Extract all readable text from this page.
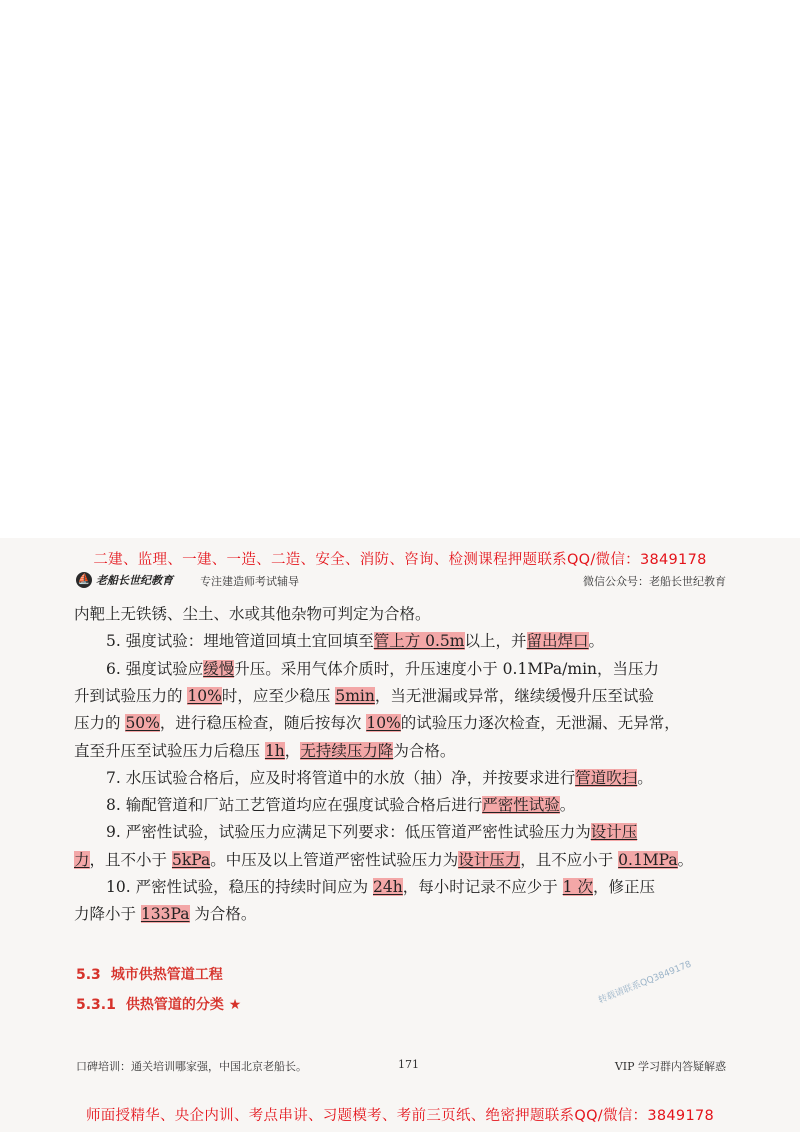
二建、监理、一建、一造、二造、安全、消防、咨询、检测课程押题联系QQ/微信：3849178
⛵ 老船长世纪教育 专注建造师考试辅导	微信公众号：老船长世纪教育
内靶上无铁锈、尘土、水或其他杂物可判定为合格。
5. 强度试验：埋地管道回填土宜回填至管上方 0.5m以上，并留出焊口。
6. 强度试验应缓慢升压。采用气体介质时，升压速度小于 0.1MPa/min，当压力
升到试验压力的 10%时，应至少稳压 5min，当无泄漏或异常，继续缓慢升压至试验
压力的 50%，进行稳压检查，随后按每次 10%的试验压力逐次检查，无泄漏、无异常，
直至升压至试验压力后稳压 1h，无持续压力降为合格。
7. 水压试验合格后，应及时将管道中的水放（抽）净，并按要求进行管道吹扫。
8. 输配管道和厂站工艺管道均应在强度试验合格后进行严密性试验。
9. 严密性试验，试验压力应满足下列要求：低压管道严密性试验压力为设计压
力，且不小于 5kPa。中压及以上管道严密性试验压力为设计压力，且不应小于 0.1MPa。
10. 严密性试验，稳压的持续时间应为 24h，每小时记录不应少于 1 次，修正压
力降小于 133Pa 为合格。
5.3 城市供热管道工程
5.3.1 供热管道的分类 ★	转载请联系QQ3849178
口碑培训：通关培训哪家强，中国北京老船长。	171	VIP 学习群内答疑解惑
师面授精华、央企内训、考点串讲、习题模考、考前三页纸、绝密押题联系QQ/微信：3849178
